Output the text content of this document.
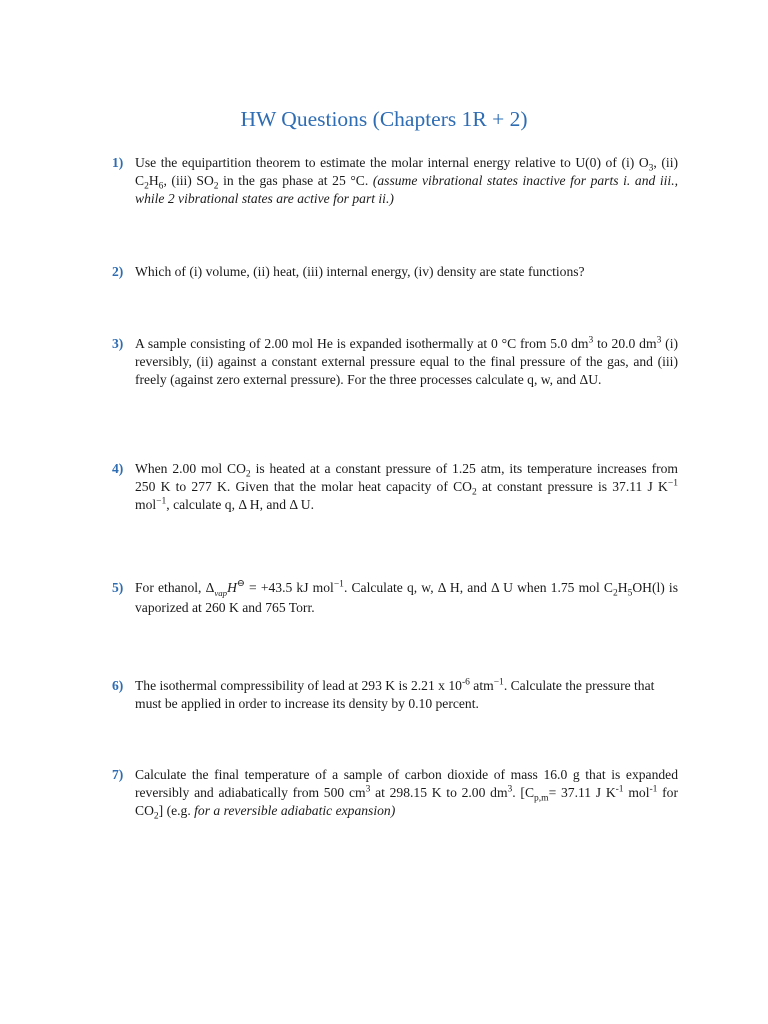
HW Questions (Chapters 1R + 2)
1) Use the equipartition theorem to estimate the molar internal energy relative to U(0) of (i) $O_3$, (ii) $C_2H_6$, (iii) $SO_2$ in the gas phase at 25 °C. (assume vibrational states inactive for parts i. and iii., while 2 vibrational states are active for part ii.)
2) Which of (i) volume, (ii) heat, (iii) internal energy, (iv) density are state functions?
3) A sample consisting of 2.00 mol He is expanded isothermally at 0 °C from 5.0 $dm^3$ to 20.0 $dm^3$ (i) reversibly, (ii) against a constant external pressure equal to the final pressure of the gas, and (iii) freely (against zero external pressure). For the three processes calculate q, w, and ΔU.
4) When 2.00 mol $CO_2$ is heated at a constant pressure of 1.25 atm, its temperature increases from 250 K to 277 K. Given that the molar heat capacity of $CO_2$ at constant pressure is 37.11 J $K^{-1}$ mol$^{-1}$, calculate q, Δ H, and Δ U.
5) For ethanol, $\Delta_{vap}H^⊖ = +43.5$ kJ mol$^{-1}$. Calculate q, w, Δ H, and Δ U when 1.75 mol $C_2H_5OH(l)$ is vaporized at 260 K and 765 Torr.
6) The isothermal compressibility of lead at 293 K is 2.21 x $10^{-6}$ atm$^{-1}$. Calculate the pressure that must be applied in order to increase its density by 0.10 percent.
7) Calculate the final temperature of a sample of carbon dioxide of mass 16.0 g that is expanded reversibly and adiabatically from 500 $cm^3$ at 298.15 K to 2.00 $dm^3$. [$C_{p,m}= 37.11$ J $K^{-1}$ mol$^{-1}$ for $CO_2$] (e.g. for a reversible adiabatic expansion)
